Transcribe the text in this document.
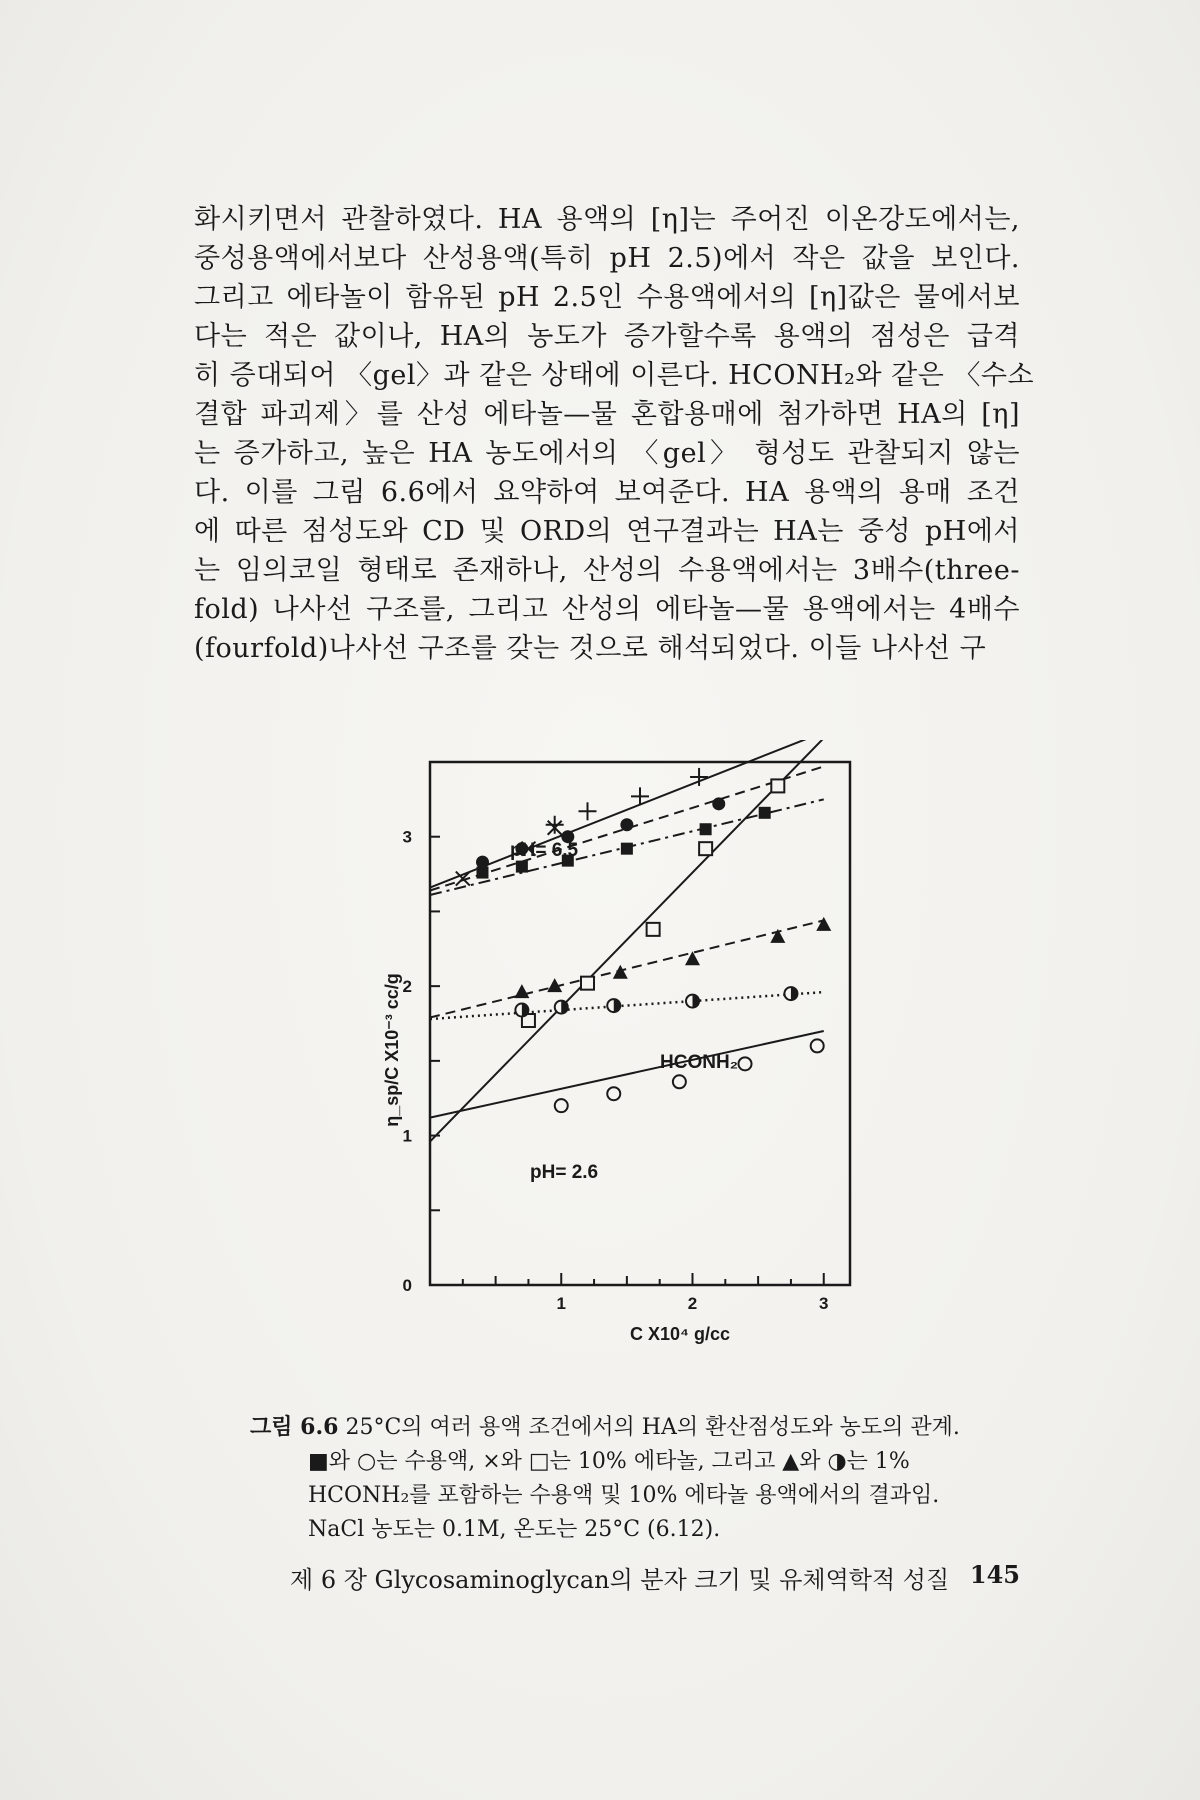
화시키면서 관찰하였다. HA 용액의 [η]는 주어진 이온강도에서는,
중성용액에서보다 산성용액(특히 pH 2.5)에서 작은 값을 보인다.
그리고 에타놀이 함유된 pH 2.5인 수용액에서의 [η]값은 물에서보
다는 적은 값이나, HA의 농도가 증가할수록 용액의 점성은 급격
히 증대되어 〈gel〉과 같은 상태에 이른다. HCONH₂와 같은 〈수소
결합 파괴제〉를 산성 에타놀—물 혼합용매에 첨가하면 HA의 [η]
는 증가하고, 높은 HA 농도에서의 〈gel〉 형성도 관찰되지 않는
다. 이를 그림 6.6에서 요약하여 보여준다. HA 용액의 용매 조건
에 따른 점성도와 CD 및 ORD의 연구결과는 HA는 중성 pH에서
는 임의코일 형태로 존재하나, 산성의 수용액에서는 3배수(three-
fold) 나사선 구조를, 그리고 산성의 에타놀—물 용액에서는 4배수
(fourfold)나사선 구조를 갖는 것으로 해석되었다. 이들 나사선 구
1	2	3
0
1
2
3
pH= 6.5
HCONH₂
pH= 2.6
C X10⁴ g/cc
η_sp/C X10⁻³ cc/g
그림 6.6 25°C의 여러 용액 조건에서의 HA의 환산점성도와 농도의 관계.
■와 ○는 수용액, ×와 □는 10% 에타놀, 그리고 ▲와 ◑는 1%
HCONH₂를 포함하는 수용액 및 10% 에타놀 용액에서의 결과임.
NaCl 농도는 0.1M, 온도는 25°C (6.12).
제 6 장 Glycosaminoglycan의 분자 크기 및 유체역학적 성질 145
